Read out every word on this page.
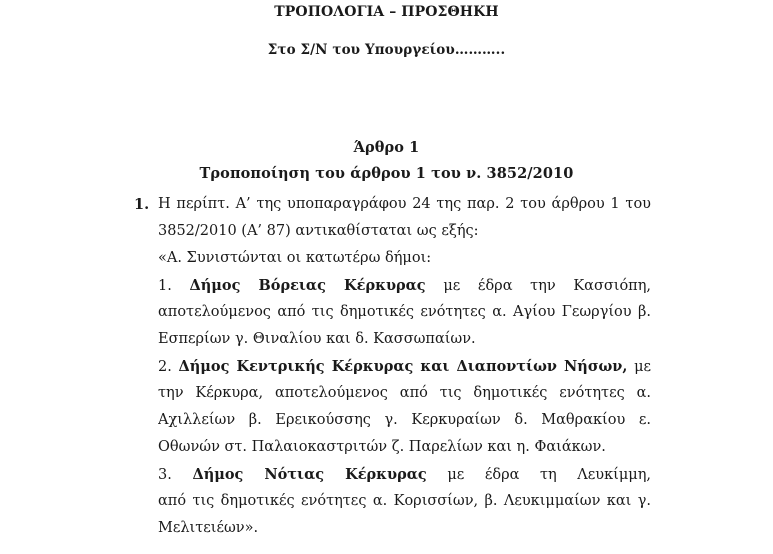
ΤΡΟΠΟΛΟΓΙΑ – ΠΡΟΣΘΗΚΗ
Στο Σ/Ν του Υπουργείου………..
Άρθρο 1
Τροποποίηση του άρθρου 1 του ν. 3852/2010
1. Η περίπτ. Α’ της υποπαραγράφου 24 της παρ. 2 του άρθρου 1 του
3852/2010 (Α’ 87) αντικαθίσταται ως εξής:
«Α. Συνιστώνται οι κατωτέρω δήμοι:
1. Δήμος Βόρειας Κέρκυρας με έδρα την Κασσιόπη,
αποτελούμενος από τις δημοτικές ενότητες α. Αγίου Γεωργίου β.
Εσπερίων γ. Θιναλίου και δ. Κασσωπαίων.
2. Δήμος Κεντρικής Κέρκυρας και Διαποντίων Νήσων, με
την Κέρκυρα, αποτελούμενος από τις δημοτικές ενότητες α.
Αχιλλείων β. Ερεικούσσης γ. Κερκυραίων δ. Μαθρακίου ε.
Οθωνών στ. Παλαιοκαστριτών ζ. Παρελίων και η. Φαιάκων.
3. Δήμος Νότιας Κέρκυρας με έδρα τη Λευκίμμη,
από τις δημοτικές ενότητες α. Κορισσίων, β. Λευκιμμαίων και γ.
Μελιτειέων».
